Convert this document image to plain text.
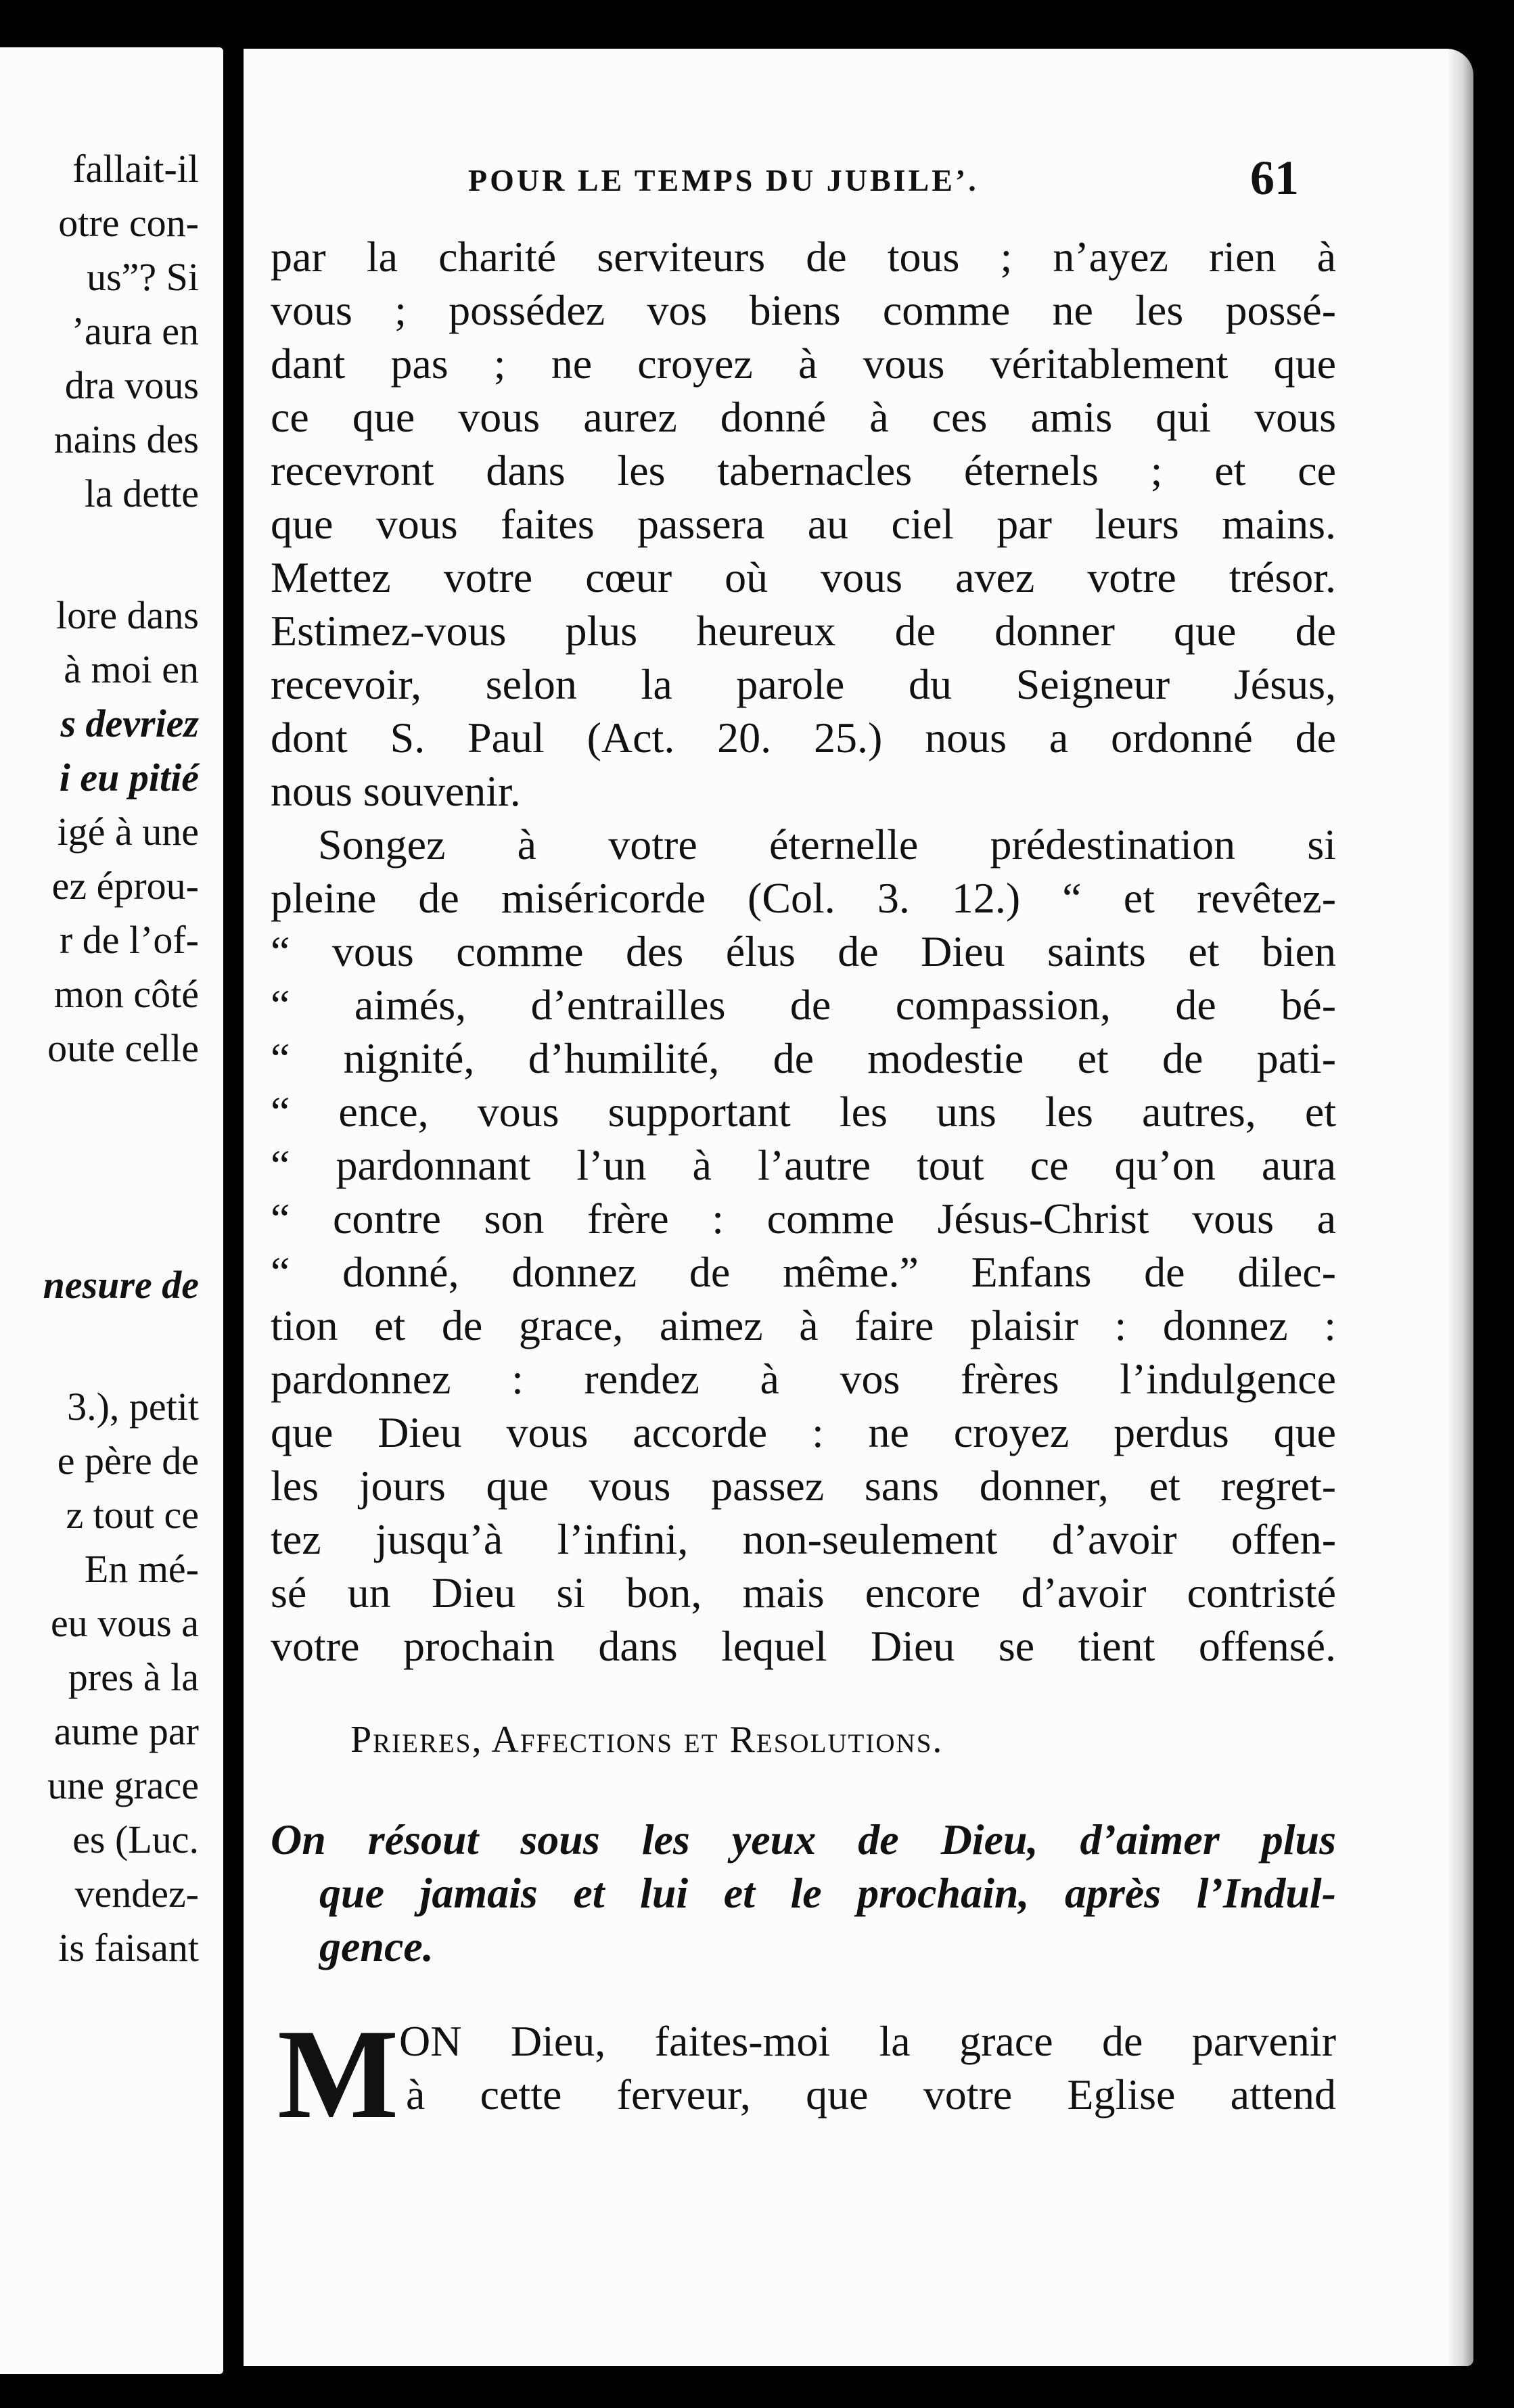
fallait-il
otre con-
us”? Si
’aura en
dra vous
nains des
la dette
lore dans
à moi en
s devriez
i eu pitié
igé à une
ez éprou-
r de l’of-
mon côté
oute celle
nesure de
3.), petit
e père de
z tout ce
En mé-
eu vous a
pres à la
aume par
une grace
es (Luc.
vendez-
is faisant
POUR LE TEMPS DU JUBILE’.	61
par la charité serviteurs de tous ; n’ayez rien à
vous ; possédez vos biens comme ne les possé-
dant pas ; ne croyez à vous véritablement que
ce que vous aurez donné à ces amis qui vous
recevront dans les tabernacles éternels ; et ce
que vous faites passera au ciel par leurs mains.
Mettez votre cœur où vous avez votre trésor.
Estimez-vous plus heureux de donner que de
recevoir, selon la parole du Seigneur Jésus,
dont S. Paul (Act. 20. 25.) nous a ordonné de
nous souvenir.
Songez à votre éternelle prédestination si
pleine de miséricorde (Col. 3. 12.) “ et revêtez-
“ vous comme des élus de Dieu saints et bien
“ aimés, d’entrailles de compassion, de bé-
“ nignité, d’humilité, de modestie et de pati-
“ ence, vous supportant les uns les autres, et
“ pardonnant l’un à l’autre tout ce qu’on aura
“ contre son frère : comme Jésus-Christ vous a
“ donné, donnez de même.” Enfans de dilec-
tion et de grace, aimez à faire plaisir : donnez :
pardonnez : rendez à vos frères l’indulgence
que Dieu vous accorde : ne croyez perdus que
les jours que vous passez sans donner, et regret-
tez jusqu’à l’infini, non-seulement d’avoir offen-
sé un Dieu si bon, mais encore d’avoir contristé
votre prochain dans lequel Dieu se tient offensé.
Prieres, Affections et Resolutions.
On résout sous les yeux de Dieu, d’aimer plus
que jamais et lui et le prochain, après l’Indul-
gence.
M ON Dieu, faites-moi la grace de parvenir
à cette ferveur, que votre Eglise attend
